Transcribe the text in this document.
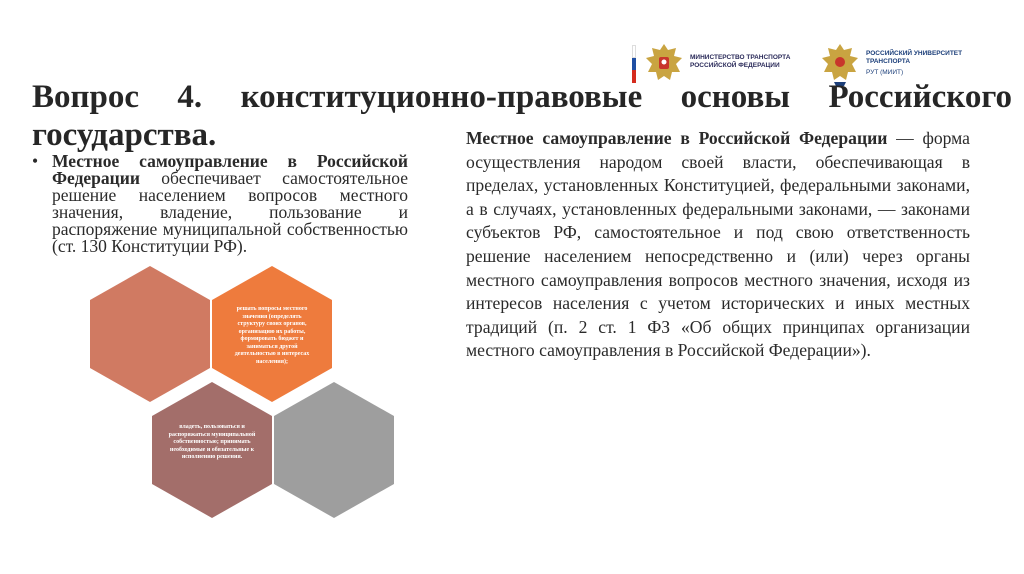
МИНИСТЕРСТВО ТРАНСПОРТА
РОССИЙСКОЙ ФЕДЕРАЦИИ
РОССИЙСКИЙ УНИВЕРСИТЕТ
ТРАНСПОРТА
РУТ (МИИТ)
Вопрос 4. конституционно-правовые основы Российского
государства.
• Местное самоуправление в Российской Федерации обеспечивает самостоятельное решение населением вопросов местного значения, владение, пользование и распоряжение муниципальной собственностью (ст. 130 Конституции РФ).

Местное самоуправление в Российской Федерации — форма осуществления народом своей власти, обеспечивающая в пределах, установленных Конституцией, федеральными законами, а в случаях, установленных федеральными законами, — законами субъектов РФ, самостоятельное и под свою ответственность решение населением непосредственно и (или) через органы местного самоуправления вопросов местного значения, исходя из интересов населения с учетом исторических и иных местных традиций (п. 2 ст. 1 ФЗ «Об общих принципах организации местного самоуправления в Российской Федерации»).
решать вопросы местного значения (определять структуру своих органов, организацию их работы, формировать бюджет и заниматься другой деятельностью в интересах населения);
владеть, пользоваться и распоряжаться муниципальной собственностью; принимать необходимые и обязательные к исполнению решения.
